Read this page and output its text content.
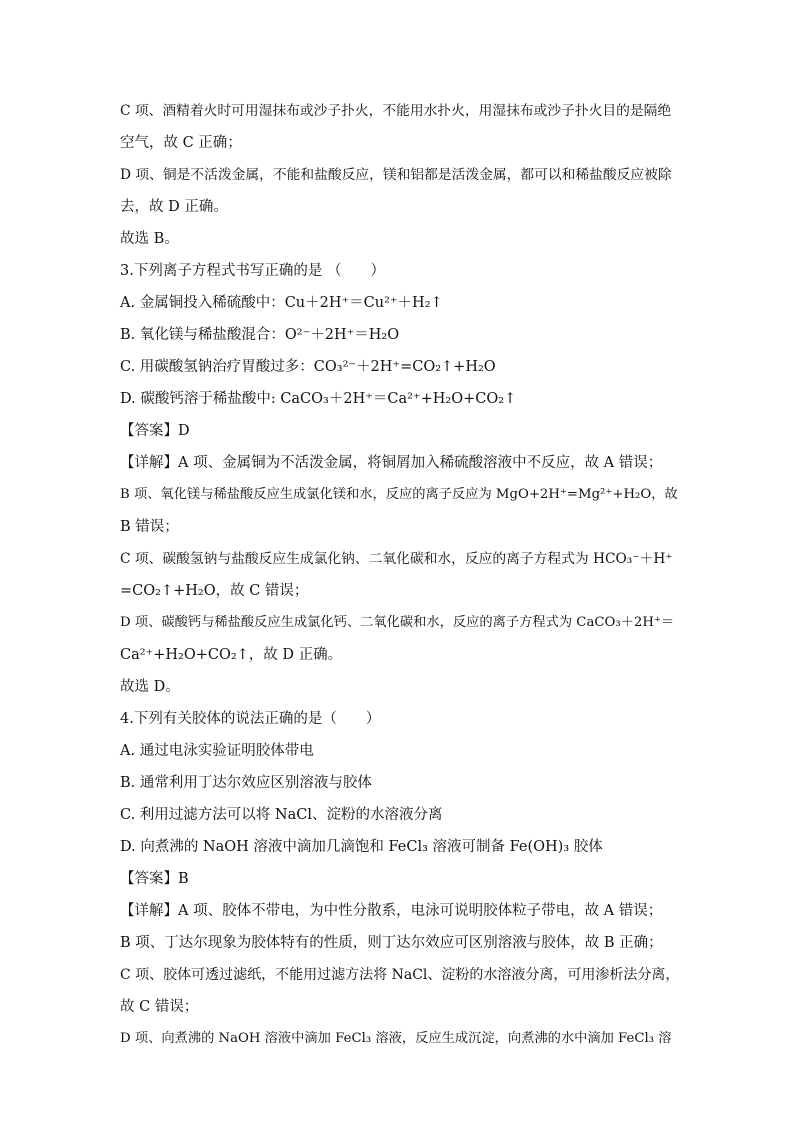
C 项、酒精着火时可用湿抹布或沙子扑火，不能用水扑火，用湿抹布或沙子扑火目的是隔绝
空气，故 C 正确；
D 项、铜是不活泼金属，不能和盐酸反应，镁和铝都是活泼金属，都可以和稀盐酸反应被除
去，故 D 正确。
故选 B。
3.下列离子方程式书写正确的是 （　　）
A. 金属铜投入稀硫酸中：Cu＋2H⁺＝Cu²⁺＋H₂↑
B. 氧化镁与稀盐酸混合：O²⁻＋2H⁺＝H₂O
C. 用碳酸氢钠治疗胃酸过多：CO₃²⁻＋2H⁺=CO₂↑+H₂O
D. 碳酸钙溶于稀盐酸中: CaCO₃＋2H⁺＝Ca²⁺+H₂O+CO₂↑
【答案】D
【详解】A 项、金属铜为不活泼金属，将铜屑加入稀硫酸溶液中不反应，故 A 错误；
B 项、氧化镁与稀盐酸反应生成氯化镁和水，反应的离子反应为 MgO+2H⁺=Mg²⁺+H₂O，故
B 错误；
C 项、碳酸氢钠与盐酸反应生成氯化钠、二氧化碳和水，反应的离子方程式为 HCO₃⁻＋H⁺
=CO₂↑+H₂O，故 C 错误；
D 项、碳酸钙与稀盐酸反应生成氯化钙、二氧化碳和水，反应的离子方程式为 CaCO₃＋2H⁺＝
Ca²⁺+H₂O+CO₂↑，故 D 正确。
故选 D。
4.下列有关胶体的说法正确的是（　　）
A. 通过电泳实验证明胶体带电
B. 通常利用丁达尔效应区别溶液与胶体
C. 利用过滤方法可以将 NaCl、淀粉的水溶液分离
D. 向煮沸的 NaOH 溶液中滴加几滴饱和 FeCl₃ 溶液可制备 Fe(OH)₃ 胶体
【答案】B
【详解】A 项、胶体不带电，为中性分散系，电泳可说明胶体粒子带电，故 A 错误；
B 项、丁达尔现象为胶体特有的性质，则丁达尔效应可区别溶液与胶体，故 B 正确；
C 项、胶体可透过滤纸，不能用过滤方法将 NaCl、淀粉的水溶液分离，可用渗析法分离，
故 C 错误；
D 项、向煮沸的 NaOH 溶液中滴加 FeCl₃ 溶液，反应生成沉淀，向煮沸的水中滴加 FeCl₃ 溶
